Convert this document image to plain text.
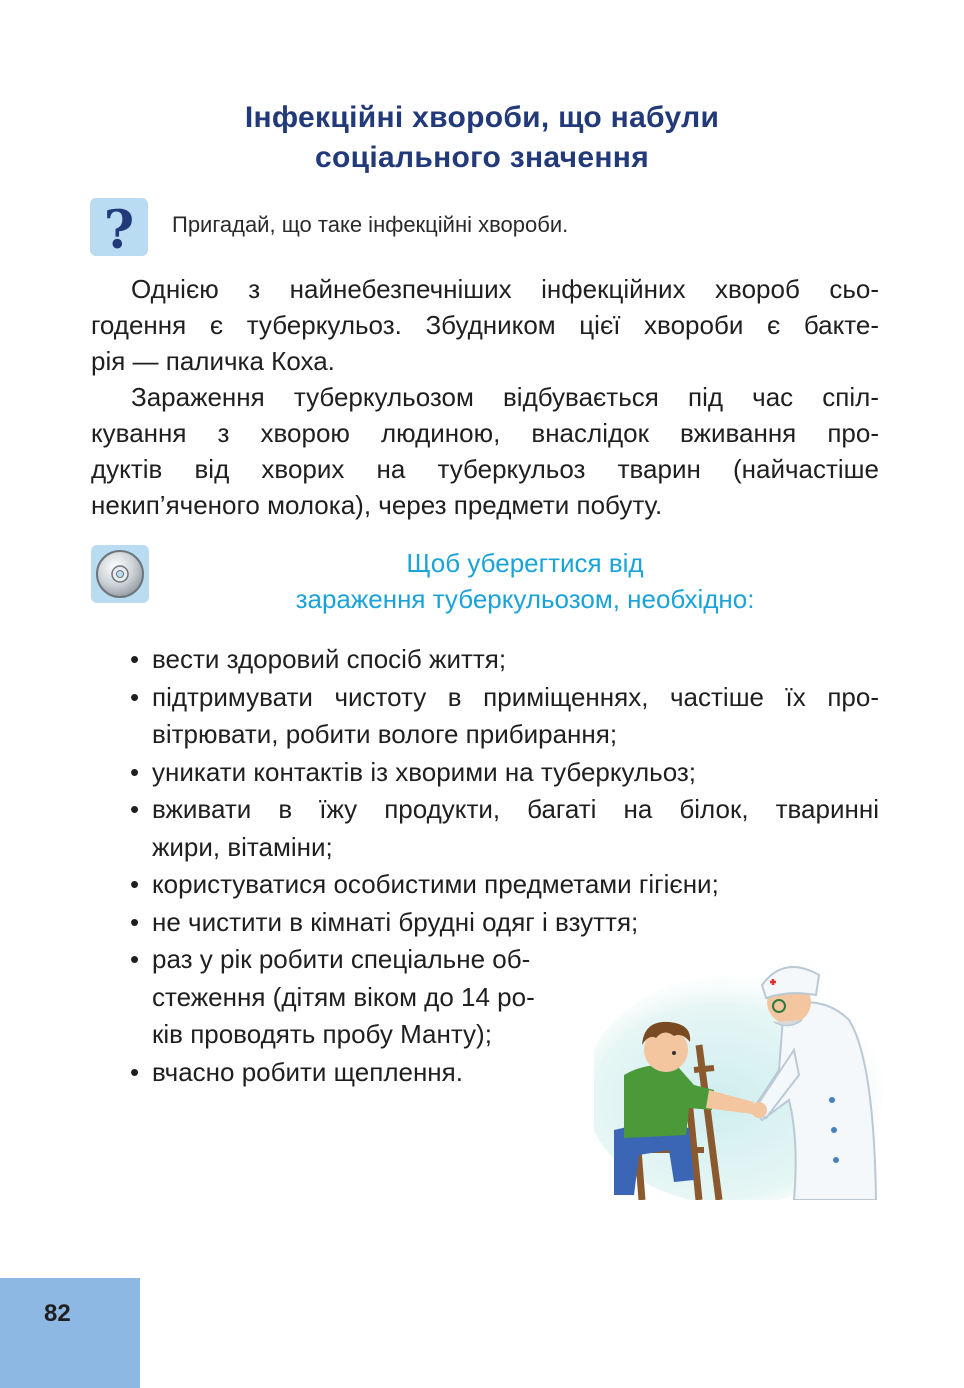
Інфекційні хвороби, що набули
соціального значення
? Пригадай, що таке інфекційні хвороби.
Однією з найнебезпечніших інфекційних хвороб сьо-
годення є туберкульоз. Збудником цієї хвороби є бакте-
рія — паличка Коха.
Зараження туберкульозом відбувається під час спіл-
кування з хворою людиною, внаслідок вживання про-
дуктів від хворих на туберкульоз тварин (найчастіше
некип’яченого молока), через предмети побуту.
Щоб уберегтися від
зараження туберкульозом, необхідно:
• вести здоровий спосіб життя;
• підтримувати чистоту в приміщеннях, частіше їх про-
вітрювати, робити вологе прибирання;
• уникати контактів із хворими на туберкульоз;
• вживати в їжу продукти, багаті на білок, тваринні
жири, вітаміни;
• користуватися особистими предметами гігієни;
• не чистити в кімнаті брудні одяг і взуття;
• раз у рік робити спеціальне об-
стеження (дітям віком до 14 ро-
ків проводять пробу Манту);
• вчасно робити щеплення.
82
